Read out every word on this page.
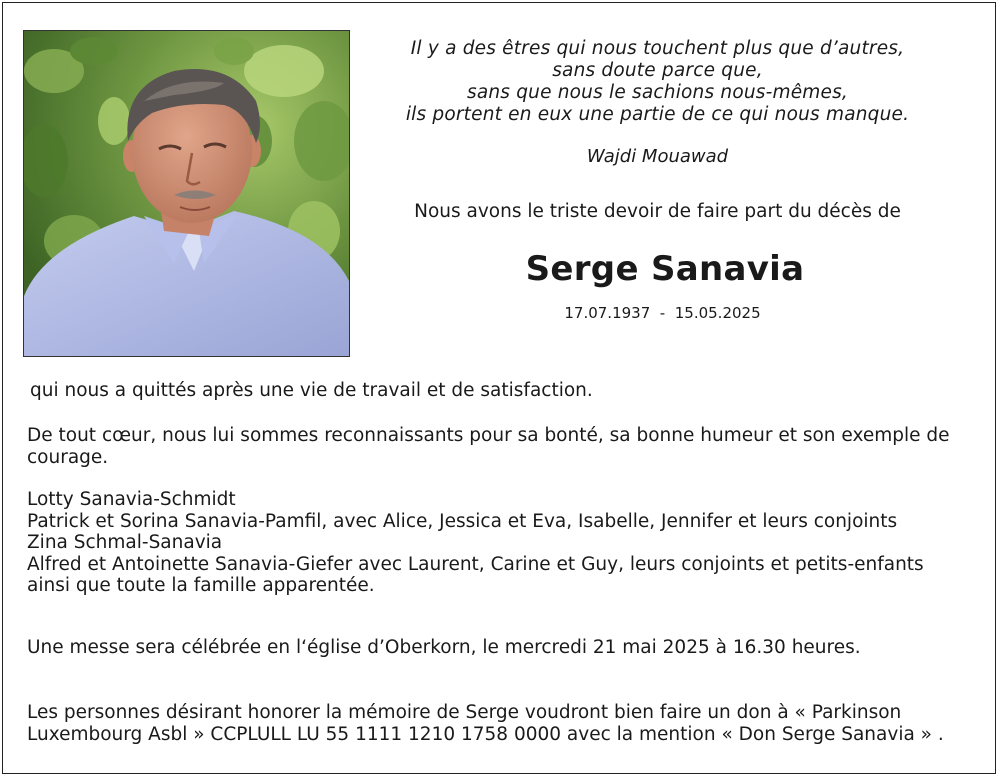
Il y a des êtres qui nous touchent plus que d’autres,
sans doute parce que,
sans que nous le sachions nous-mêmes,
ils portent en eux une partie de ce qui nous manque.
Wajdi Mouawad
Nous avons le triste devoir de faire part du décès de
Serge Sanavia
17.07.1937  -  15.05.2025
qui nous a quittés après une vie de travail et de satisfaction.
De tout cœur, nous lui sommes reconnaissants pour sa bonté, sa bonne humeur et son exemple de courage.
Lotty Sanavia-Schmidt
Patrick et Sorina Sanavia-Pamfil, avec Alice, Jessica et Eva, Isabelle, Jennifer et leurs conjoints
Zina Schmal-Sanavia
Alfred et Antoinette Sanavia-Giefer avec Laurent, Carine et Guy, leurs conjoints et petits-enfants
ainsi que toute la famille apparentée.
Une messe sera célébrée en l‘église d’Oberkorn, le mercredi 21 mai 2025 à 16.30 heures.
Les personnes désirant honorer la mémoire de Serge voudront bien faire un don à « Parkinson Luxembourg Asbl » CCPLULL LU 55 1111 1210 1758 0000 avec la mention « Don Serge Sanavia » .
